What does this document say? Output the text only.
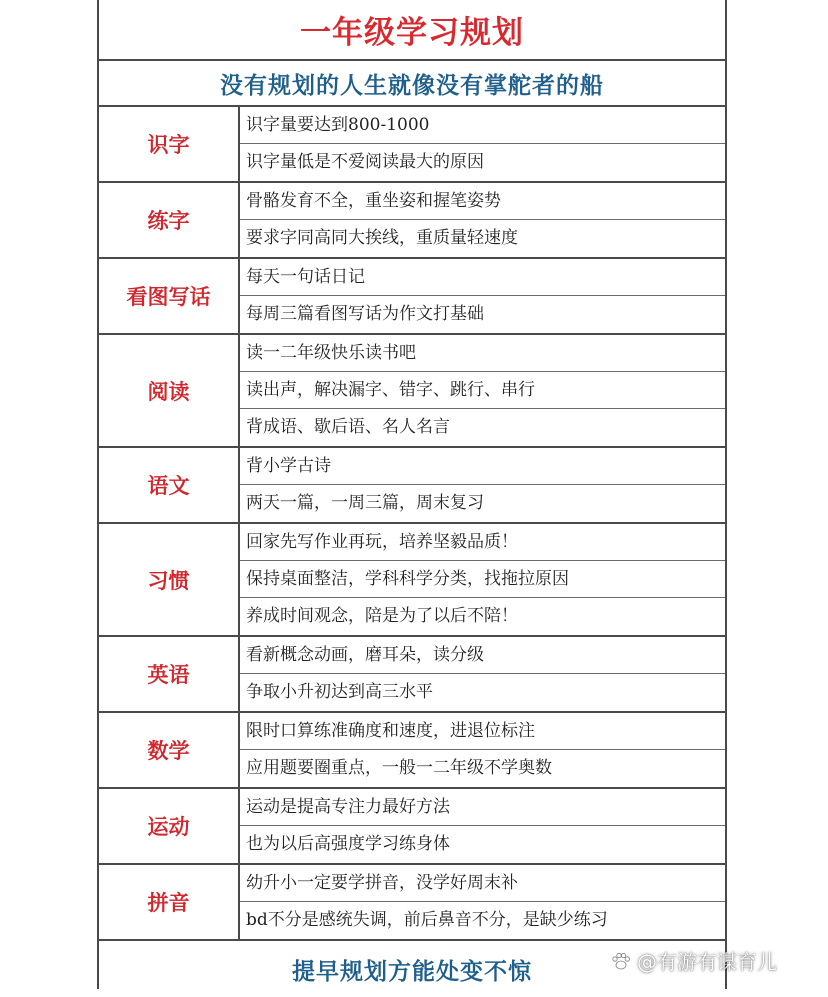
一年级学习规划
没有规划的人生就像没有掌舵者的船
识字
识字量要达到800-1000
识字量低是不爱阅读最大的原因
练字
骨骼发育不全，重坐姿和握笔姿势
要求字同高同大挨线，重质量轻速度
看图写话
每天一句话日记
每周三篇看图写话为作文打基础
阅读
读一二年级快乐读书吧
读出声，解决漏字、错字、跳行、串行
背成语、歇后语、名人名言
语文
背小学古诗
两天一篇，一周三篇，周末复习
习惯
回家先写作业再玩，培养坚毅品质！
保持桌面整洁，学科科学分类，找拖拉原因
养成时间观念，陪是为了以后不陪！
英语
看新概念动画，磨耳朵，读分级
争取小升初达到高三水平
数学
限时口算练准确度和速度，进退位标注
应用题要圈重点，一般一二年级不学奥数
运动
运动是提高专注力最好方法
也为以后高强度学习练身体
拼音
幼升小一定要学拼音，没学好周末补
bd不分是感统失调，前后鼻音不分，是缺少练习
提早规划方能处变不惊	@有游有谋育儿
